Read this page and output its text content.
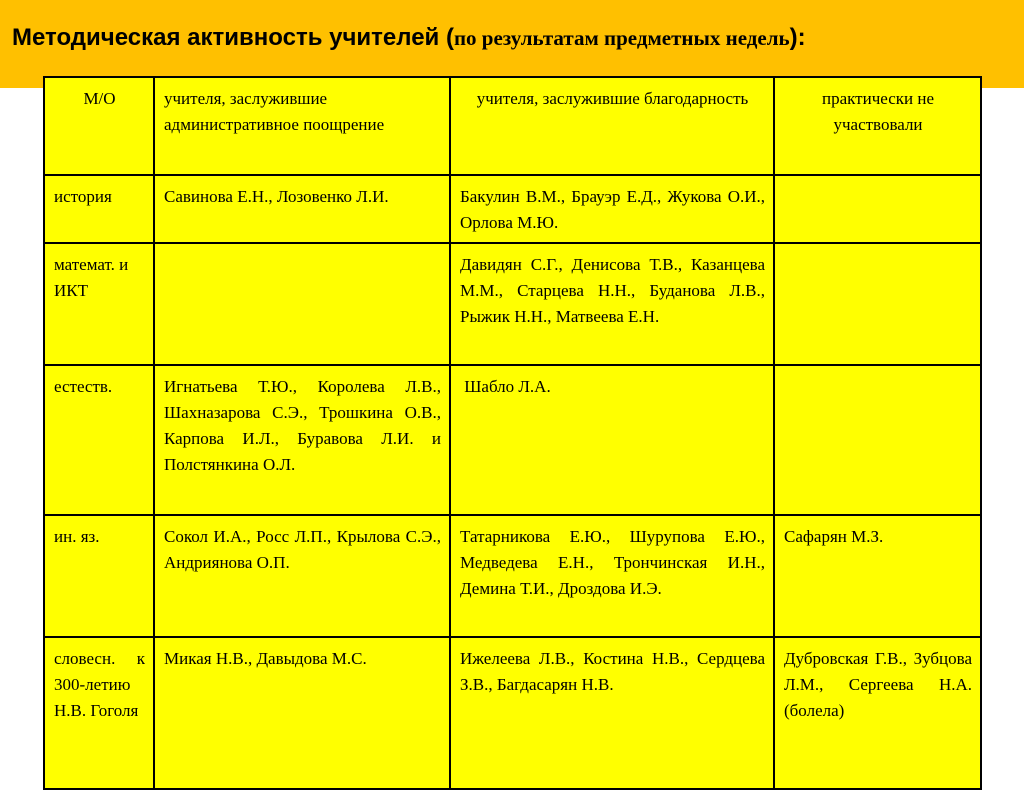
Методическая активность учителей (по результатам предметных недель):
М/О	учителя, заслужившие административное поощрение	учителя, заслужившие благодарность	практически не участвовали
история	Савинова Е.Н., Лозовенко Л.И.	Бакулин В.М., Брауэр Е.Д., Жукова О.И., Орлова М.Ю.	
математ. и ИКТ		Давидян С.Г., Денисова Т.В., Казанцева М.М., Старцева Н.Н., Буданова Л.В., Рыжик Н.Н., Матвеева Е.Н.	
естеств.	Игнатьева Т.Ю., Королева Л.В., Шахназарова С.Э., Трошкина О.В., Карпова И.Л., Буравова Л.И. и Полстянкина О.Л.	Шабло Л.А.	
ин. яз.	Сокол И.А., Росс Л.П., Крылова С.Э., Андриянова О.П.	Татарникова Е.Ю., Шурупова Е.Ю., Медведева Е.Н., Трончинская И.Н., Демина Т.И., Дроздова И.Э.	Сафарян М.З.
словесн. к 300-летию Н.В. Гоголя	Микая Н.В., Давыдова М.С.	Ижелеева Л.В., Костина Н.В., Сердцева З.В., Багдасарян Н.В.	Дубровская Г.В., Зубцова Л.М., Сергеева Н.А. (болела)
